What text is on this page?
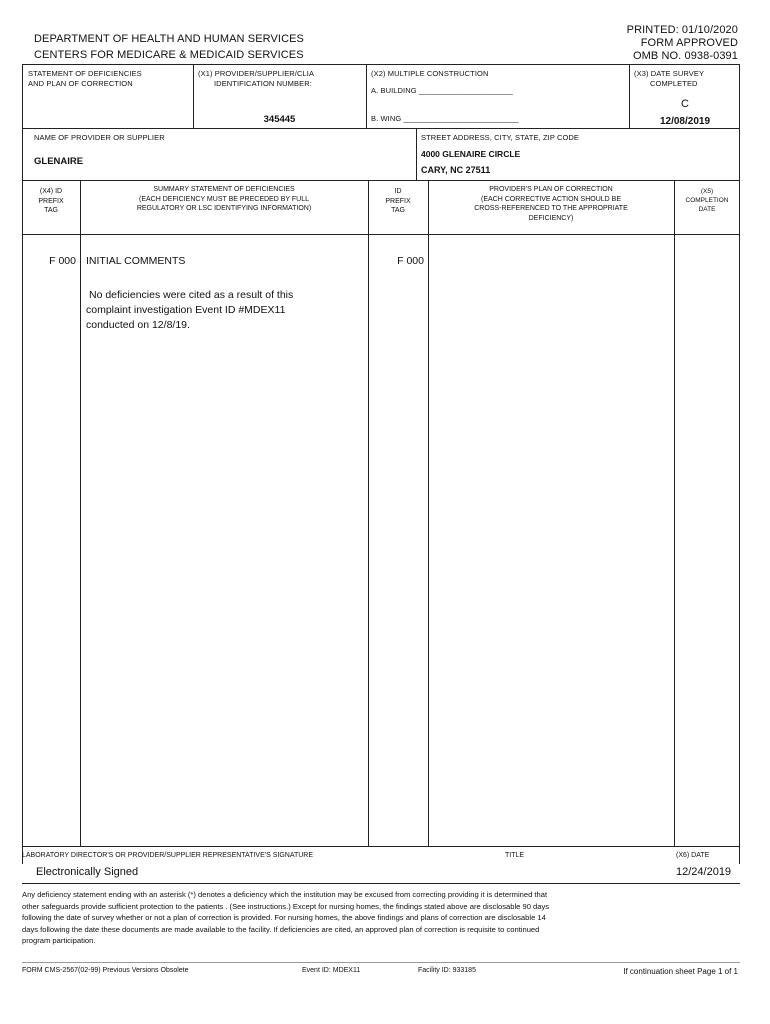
DEPARTMENT OF HEALTH AND HUMAN SERVICES
CENTERS FOR MEDICARE & MEDICAID SERVICES
PRINTED: 01/10/2020
FORM APPROVED
OMB NO. 0938-0391
STATEMENT OF DEFICIENCIES
AND PLAN OF CORRECTION
(X1) PROVIDER/SUPPLIER/CLIA
IDENTIFICATION NUMBER:
345445
(X2) MULTIPLE CONSTRUCTION
A. BUILDING ______________________
B. WING ___________________________
(X3) DATE SURVEY
COMPLETED
C
12/08/2019
NAME OF PROVIDER OR SUPPLIER
GLENAIRE
STREET ADDRESS, CITY, STATE, ZIP CODE
4000 GLENAIRE CIRCLE
CARY, NC 27511
(X4) ID
PREFIX
TAG
SUMMARY STATEMENT OF DEFICIENCIES
(EACH DEFICIENCY MUST BE PRECEDED BY FULL
REGULATORY OR LSC IDENTIFYING INFORMATION)
ID
PREFIX
TAG
PROVIDER'S PLAN OF CORRECTION
(EACH CORRECTIVE ACTION SHOULD BE
CROSS-REFERENCED TO THE APPROPRIATE
DEFICIENCY)
(X5)
COMPLETION
DATE
F 000 INITIAL COMMENTS
No deficiencies were cited as a result of this
complaint investigation Event ID #MDEX11
conducted on 12/8/19.
F 000
LABORATORY DIRECTOR'S OR PROVIDER/SUPPLIER REPRESENTATIVE'S SIGNATURE	TITLE	(X6) DATE
Electronically Signed	12/24/2019
Any deficiency statement ending with an asterisk (*) denotes a deficiency which the institution may be excused from correcting providing it is determined that
other safeguards provide sufficient protection to the patients . (See instructions.) Except for nursing homes, the findings stated above are disclosable 90 days
following the date of survey whether or not a plan of correction is provided. For nursing homes, the above findings and plans of correction are disclosable 14
days following the date these documents are made available to the facility. If deficiencies are cited, an approved plan of correction is requisite to continued
program participation.
FORM CMS-2567(02-99) Previous Versions Obsolete	Event ID: MDEX11	Facility ID: 933185	If continuation sheet Page 1 of 1
